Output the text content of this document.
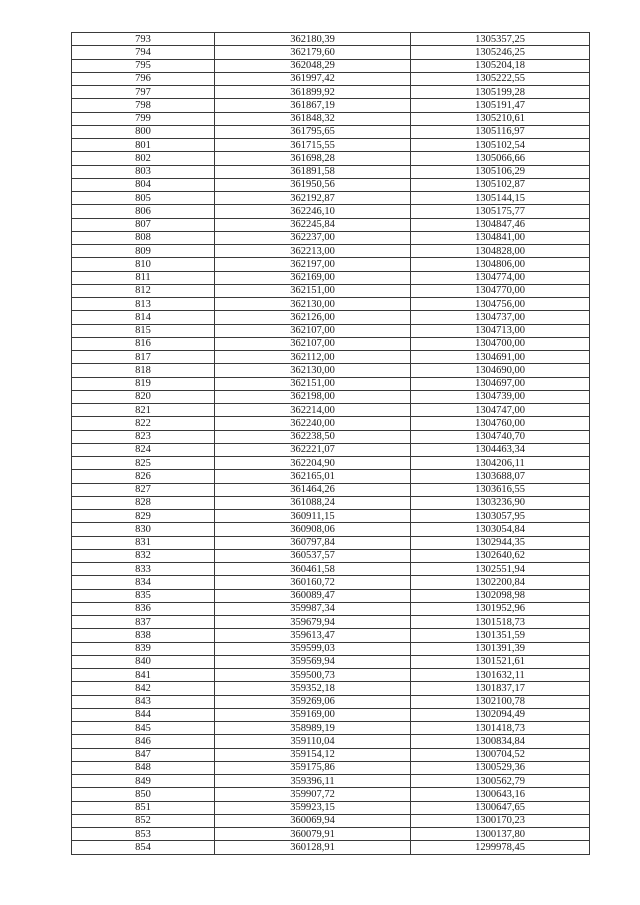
793	362180,39	1305357,25
794	362179,60	1305246,25
795	362048,29	1305204,18
796	361997,42	1305222,55
797	361899,92	1305199,28
798	361867,19	1305191,47
799	361848,32	1305210,61
800	361795,65	1305116,97
801	361715,55	1305102,54
802	361698,28	1305066,66
803	361891,58	1305106,29
804	361950,56	1305102,87
805	362192,87	1305144,15
806	362246,10	1305175,77
807	362245,84	1304847,46
808	362237,00	1304841,00
809	362213,00	1304828,00
810	362197,00	1304806,00
811	362169,00	1304774,00
812	362151,00	1304770,00
813	362130,00	1304756,00
814	362126,00	1304737,00
815	362107,00	1304713,00
816	362107,00	1304700,00
817	362112,00	1304691,00
818	362130,00	1304690,00
819	362151,00	1304697,00
820	362198,00	1304739,00
821	362214,00	1304747,00
822	362240,00	1304760,00
823	362238,50	1304740,70
824	362221,07	1304463,34
825	362204,90	1304206,11
826	362165,01	1303688,07
827	361464,26	1303616,55
828	361088,24	1303236,90
829	360911,15	1303057,95
830	360908,06	1303054,84
831	360797,84	1302944,35
832	360537,57	1302640,62
833	360461,58	1302551,94
834	360160,72	1302200,84
835	360089,47	1302098,98
836	359987,34	1301952,96
837	359679,94	1301518,73
838	359613,47	1301351,59
839	359599,03	1301391,39
840	359569,94	1301521,61
841	359500,73	1301632,11
842	359352,18	1301837,17
843	359269,06	1302100,78
844	359169,00	1302094,49
845	358989,19	1301418,73
846	359110,04	1300834,84
847	359154,12	1300704,52
848	359175,86	1300529,36
849	359396,11	1300562,79
850	359907,72	1300643,16
851	359923,15	1300647,65
852	360069,94	1300170,23
853	360079,91	1300137,80
854	360128,91	1299978,45
